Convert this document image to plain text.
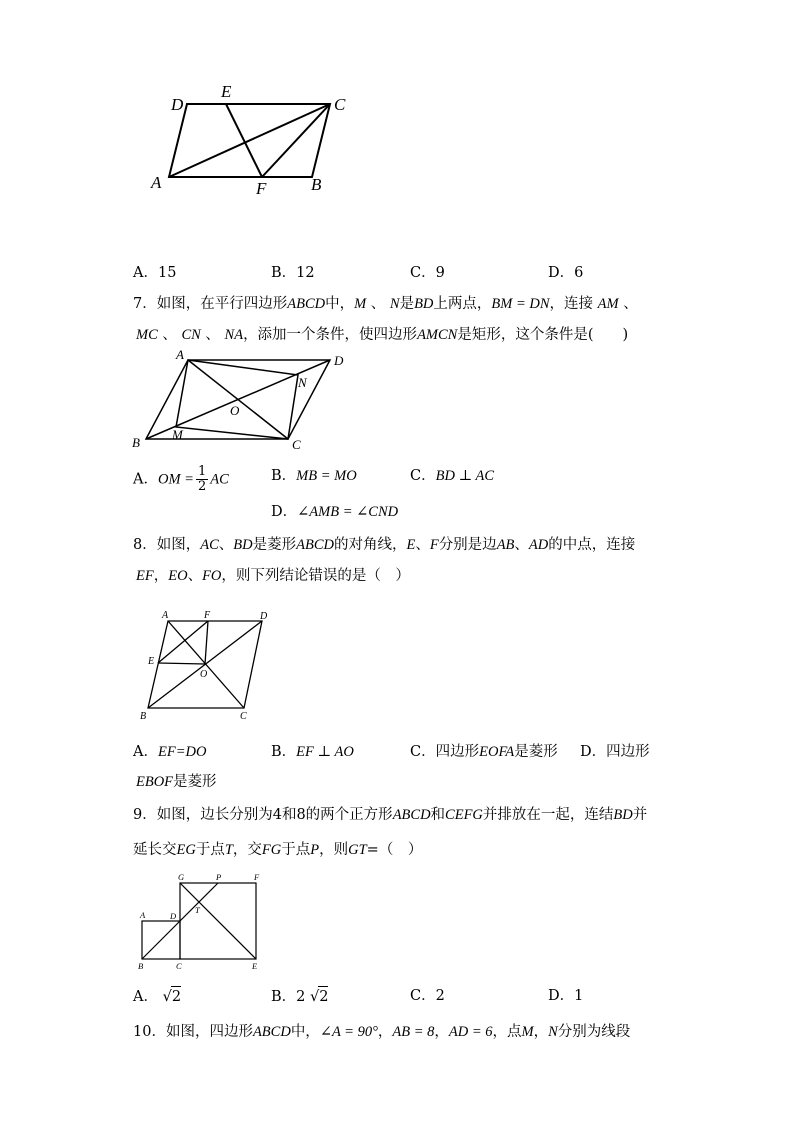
D
E
C
A	F	B
A．15	B．12	C．9	D．6
7．如图，在平行四边形ABCD中，M 、 N是BD上两点，BM = DN，连接 AM 、
MC 、 CN 、 NA，添加一个条件，使四边形AMCN是矩形，这个条件是(　　)
A	D
N
O
B
M
C
A．OM = $\frac{1}{2}$ AC	B．MB = MO	C．BD ⊥ AC
D．∠AMB = ∠CND
8．如图，AC、BD是菱形ABCD的对角线，E、F分别是边AB、AD的中点，连接
EF，EO、FO，则下列结论错误的是（　）
A	F	D
E
O
B	C
A．EF=DO	B．EF ⊥ AO	C．四边形EOFA是菱形 D．四边形
EBOF是菱形
9．如图，边长分别为4和8的两个正方形ABCD和CEFG并排放在一起，连结BD并
延长交EG于点T，交FG于点P，则GT=（　）
G	P	F
A	D
T
B	C	E
A． √2	B．2 √2	C．2	D．1
10．如图，四边形ABCD中，∠A = 90°，AB = 8，AD = 6，点M，N分别为线段
